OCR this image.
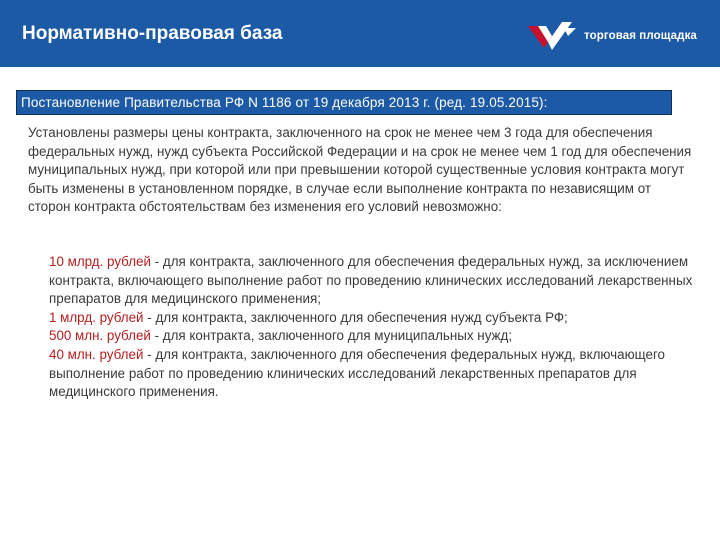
Нормативно-правовая база	торговая площадка
Постановление Правительства РФ N 1186 от 19 декабря 2013 г. (ред. 19.05.2015):
Установлены размеры цены контракта, заключенного на срок не менее чем 3 года для обеспечения федеральных нужд, нужд субъекта Российской Федерации и на срок не менее чем 1 год для обеспечения муниципальных нужд, при которой или при превышении которой существенные условия контракта могут быть изменены в установленном порядке, в случае если выполнение контракта по независящим от сторон контракта обстоятельствам без изменения его условий невозможно:
10 млрд. рублей - для контракта, заключенного для обеспечения федеральных нужд, за исключением контракта, включающего выполнение работ по проведению клинических исследований лекарственных препаратов для медицинского применения;
1 млрд. рублей - для контракта, заключенного для обеспечения нужд субъекта РФ;
500 млн. рублей - для контракта, заключенного для муниципальных нужд;
40 млн. рублей - для контракта, заключенного для обеспечения федеральных нужд, включающего выполнение работ по проведению клинических исследований лекарственных препаратов для медицинского применения.
